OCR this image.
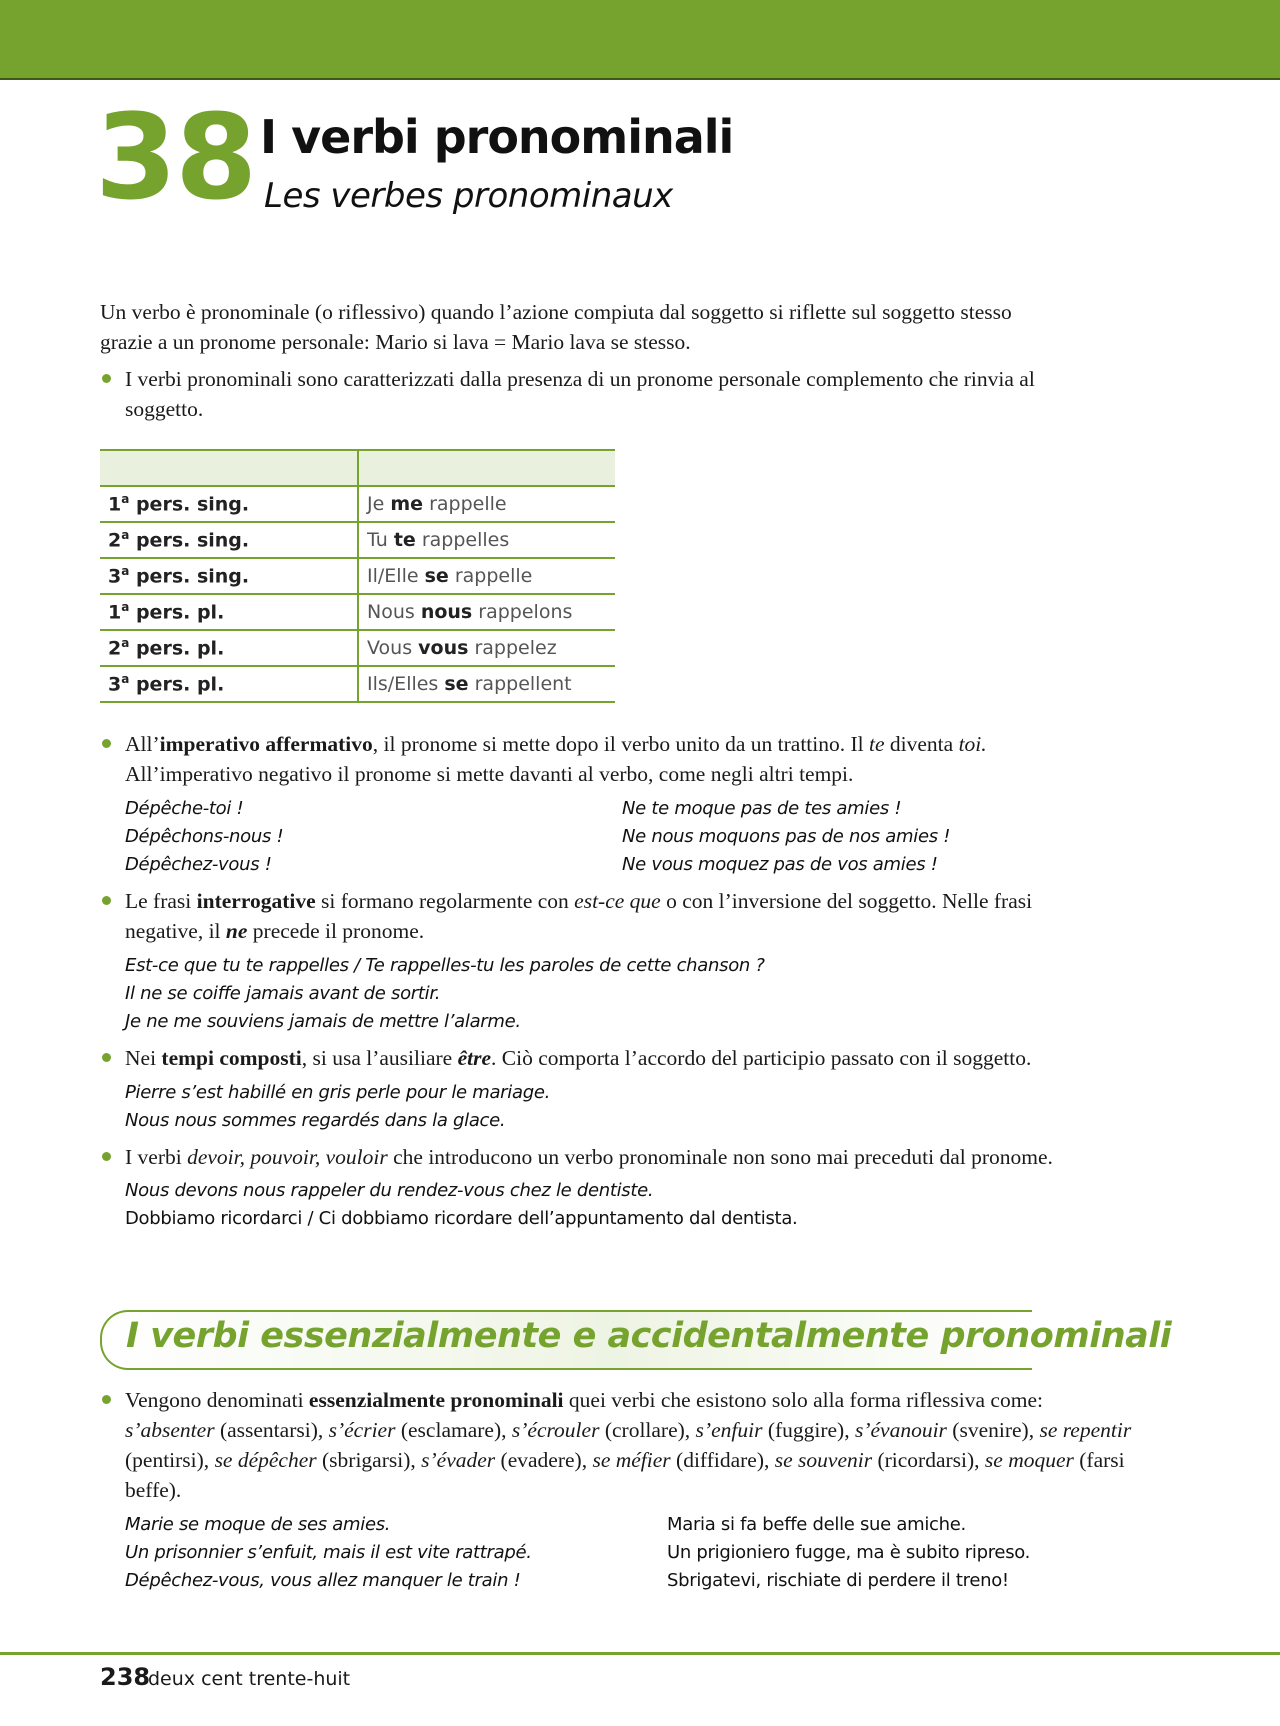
38 I verbi pronominali
Les verbes pronominaux
Un verbo è pronominale (o riflessivo) quando l’azione compiuta dal soggetto si riflette sul soggetto stesso
grazie a un pronome personale: Mario si lava = Mario lava se stesso.
I verbi pronominali sono caratterizzati dalla presenza di un pronome personale complemento che rinvia al
soggetto.

1$^a$ pers. sing.	Je me rappelle
2$^a$ pers. sing.	Tu te rappelles
3$^a$ pers. sing.	Il/Elle se rappelle
1$^a$ pers. pl.	Nous nous rappelons
2$^a$ pers. pl.	Vous vous rappelez
3$^a$ pers. pl.	Ils/Elles se rappellent
All’imperativo affermativo, il pronome si mette dopo il verbo unito da un trattino. Il te diventa toi.
All’imperativo negativo il pronome si mette davanti al verbo, come negli altri tempi.
Dépêche-toi !
Dépêchons-nous !
Dépêchez-vous !
Ne te moque pas de tes amies !
Ne nous moquons pas de nos amies !
Ne vous moquez pas de vos amies !
Le frasi interrogative si formano regolarmente con est-ce que o con l’inversione del soggetto. Nelle frasi
negative, il ne precede il pronome.
Est-ce que tu te rappelles / Te rappelles-tu les paroles de cette chanson ?
Il ne se coiffe jamais avant de sortir.
Je ne me souviens jamais de mettre l’alarme.
Nei tempi composti, si usa l’ausiliare être. Ciò comporta l’accordo del participio passato con il soggetto.
Pierre s’est habillé en gris perle pour le mariage.
Nous nous sommes regardés dans la glace.
I verbi devoir, pouvoir, vouloir che introducono un verbo pronominale non sono mai preceduti dal pronome.
Nous devons nous rappeler du rendez-vous chez le dentiste.
Dobbiamo ricordarci / Ci dobbiamo ricordare dell’appuntamento dal dentista.
I verbi essenzialmente e accidentalmente pronominali
Vengono denominati essenzialmente pronominali quei verbi che esistono solo alla forma riflessiva come:
s’absenter (assentarsi), s’écrier (esclamare), s’écrouler (crollare), s’enfuir (fuggire), s’évanouir (svenire), se repentir
(pentirsi), se dépêcher (sbrigarsi), s’évader (evadere), se méfier (diffidare), se souvenir (ricordarsi), se moquer (farsi
beffe).
Marie se moque de ses amies.
Un prisonnier s’enfuit, mais il est vite rattrapé.
Dépêchez-vous, vous allez manquer le train !
Maria si fa beffe delle sue amiche.
Un prigioniero fugge, ma è subito ripreso.
Sbrigatevi, rischiate di perdere il treno!
238
deux cent trente-huit
